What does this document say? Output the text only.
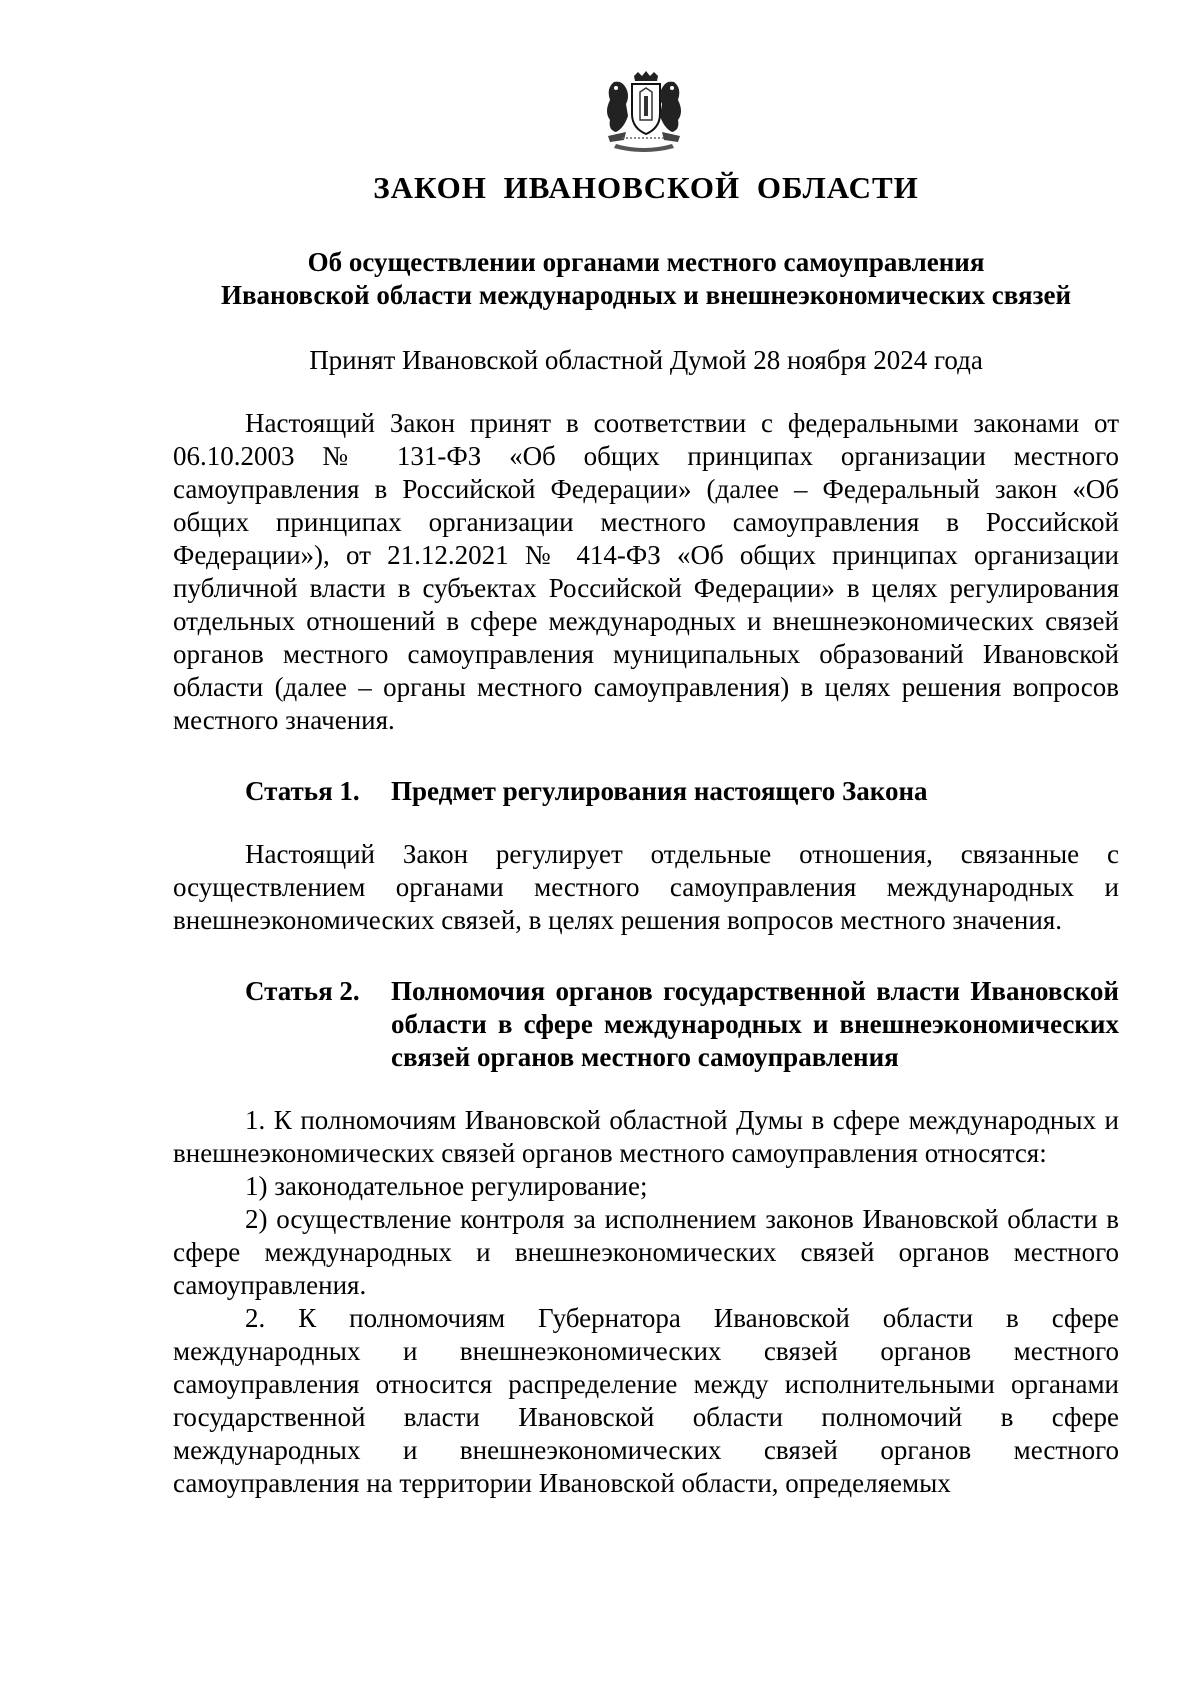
ЗАКОН ИВАНОВСКОЙ ОБЛАСТИ
Об осуществлении органами местного самоуправления
Ивановской области международных и внешнеэкономических связей

Принят Ивановской областной Думой 28 ноября 2024 года

Настоящий Закон принят в соответствии с федеральными законами от 06.10.2003 № 131-ФЗ «Об общих принципах организации местного самоуправления в Российской Федерации» (далее – Федеральный закон «Об общих принципах организации местного самоуправления в Российской Федерации»), от 21.12.2021 № 414-ФЗ «Об общих принципах организации публичной власти в субъектах Российской Федерации» в целях регулирования отдельных отношений в сфере международных и внешнеэкономических связей органов местного самоуправления муниципальных образований Ивановской области (далее – органы местного самоуправления) в целях решения вопросов местного значения.

Статья 1.	Предмет регулирования настоящего Закона

Настоящий Закон регулирует отдельные отношения, связанные с осуществлением органами местного самоуправления международных и внешнеэкономических связей, в целях решения вопросов местного значения.

Статья 2.	Полномочия органов государственной власти Ивановской области в сфере международных и внешнеэкономических связей органов местного самоуправления

1. К полномочиям Ивановской областной Думы в сфере международных и внешнеэкономических связей органов местного самоуправления относятся:

1) законодательное регулирование;

2) осуществление контроля за исполнением законов Ивановской области в сфере международных и внешнеэкономических связей органов местного самоуправления.

2. К полномочиям Губернатора Ивановской области в сфере международных и внешнеэкономических связей органов местного самоуправления относится распределение между исполнительными органами государственной власти Ивановской области полномочий в сфере международных и внешнеэкономических связей органов местного самоуправления на территории Ивановской области, определяемых
